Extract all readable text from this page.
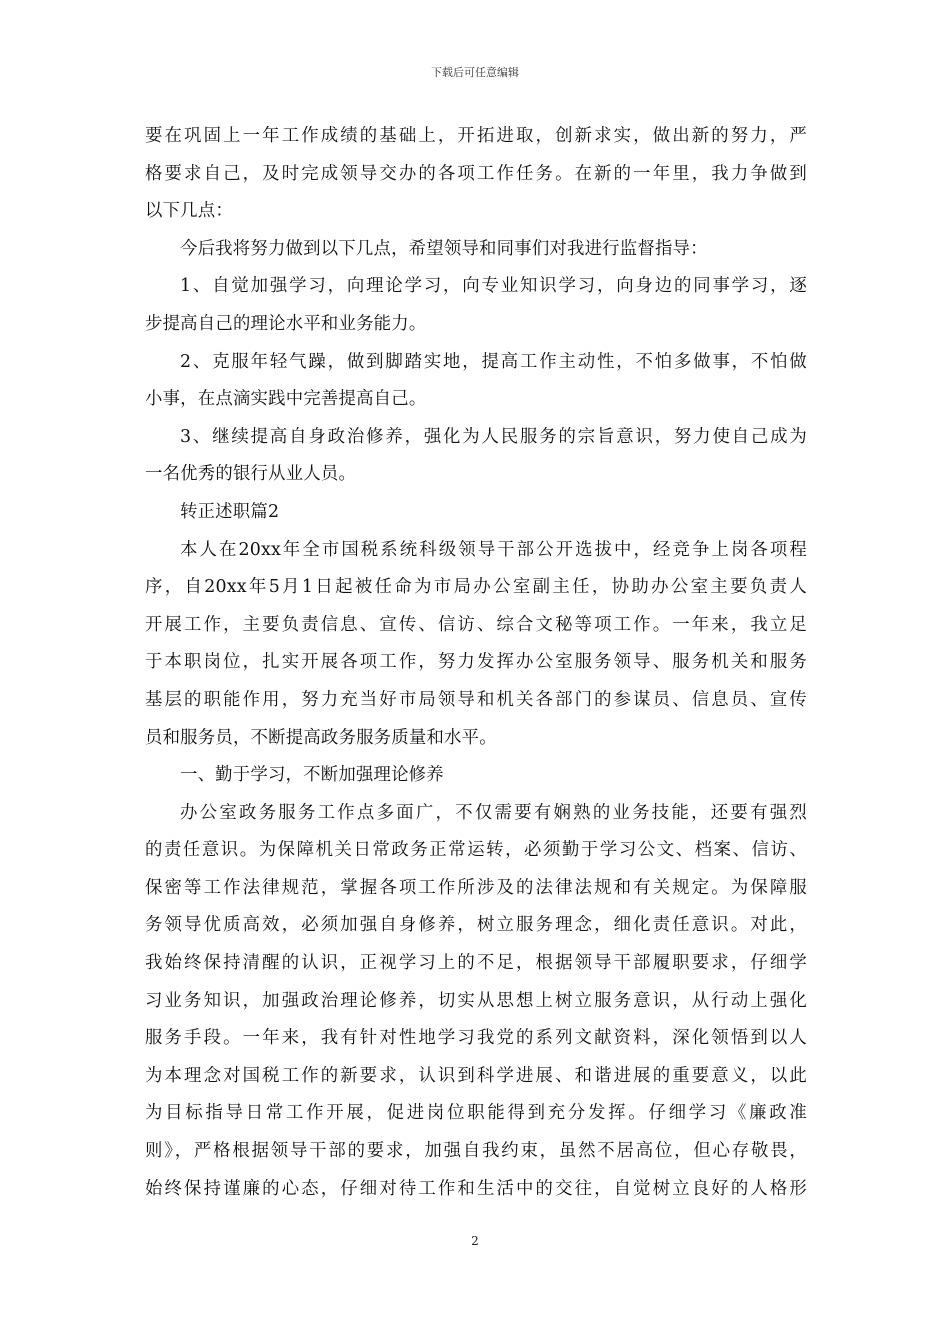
下载后可任意编辑
要在巩固上一年工作成绩的基础上，开拓进取，创新求实，做出新的努力，严
格要求自己，及时完成领导交办的各项工作任务。在新的一年里，我力争做到
以下几点：
今后我将努力做到以下几点，希望领导和同事们对我进行监督指导：
1、自觉加强学习，向理论学习，向专业知识学习，向身边的同事学习，逐
步提高自己的理论水平和业务能力。
2、克服年轻气躁，做到脚踏实地，提高工作主动性，不怕多做事，不怕做
小事，在点滴实践中完善提高自己。
3、继续提高自身政治修养，强化为人民服务的宗旨意识，努力使自己成为
一名优秀的银行从业人员。
转正述职篇2
本人在20xx年全市国税系统科级领导干部公开选拔中，经竞争上岗各项程
序，自20xx年5月1日起被任命为市局办公室副主任，协助办公室主要负责人
开展工作，主要负责信息、宣传、信访、综合文秘等项工作。一年来，我立足
于本职岗位，扎实开展各项工作，努力发挥办公室服务领导、服务机关和服务
基层的职能作用，努力充当好市局领导和机关各部门的参谋员、信息员、宣传
员和服务员，不断提高政务服务质量和水平。
一、勤于学习，不断加强理论修养
办公室政务服务工作点多面广，不仅需要有娴熟的业务技能，还要有强烈
的责任意识。为保障机关日常政务正常运转，必须勤于学习公文、档案、信访、
保密等工作法律规范，掌握各项工作所涉及的法律法规和有关规定。为保障服
务领导优质高效，必须加强自身修养，树立服务理念，细化责任意识。对此，
我始终保持清醒的认识，正视学习上的不足，根据领导干部履职要求，仔细学
习业务知识，加强政治理论修养，切实从思想上树立服务意识，从行动上强化
服务手段。一年来，我有针对性地学习我党的系列文献资料，深化领悟到以人
为本理念对国税工作的新要求，认识到科学进展、和谐进展的重要意义，以此
为目标指导日常工作开展，促进岗位职能得到充分发挥。仔细学习《廉政准
则》，严格根据领导干部的要求，加强自我约束，虽然不居高位，但心存敬畏，
始终保持谨廉的心态，仔细对待工作和生活中的交往，自觉树立良好的人格形
2
